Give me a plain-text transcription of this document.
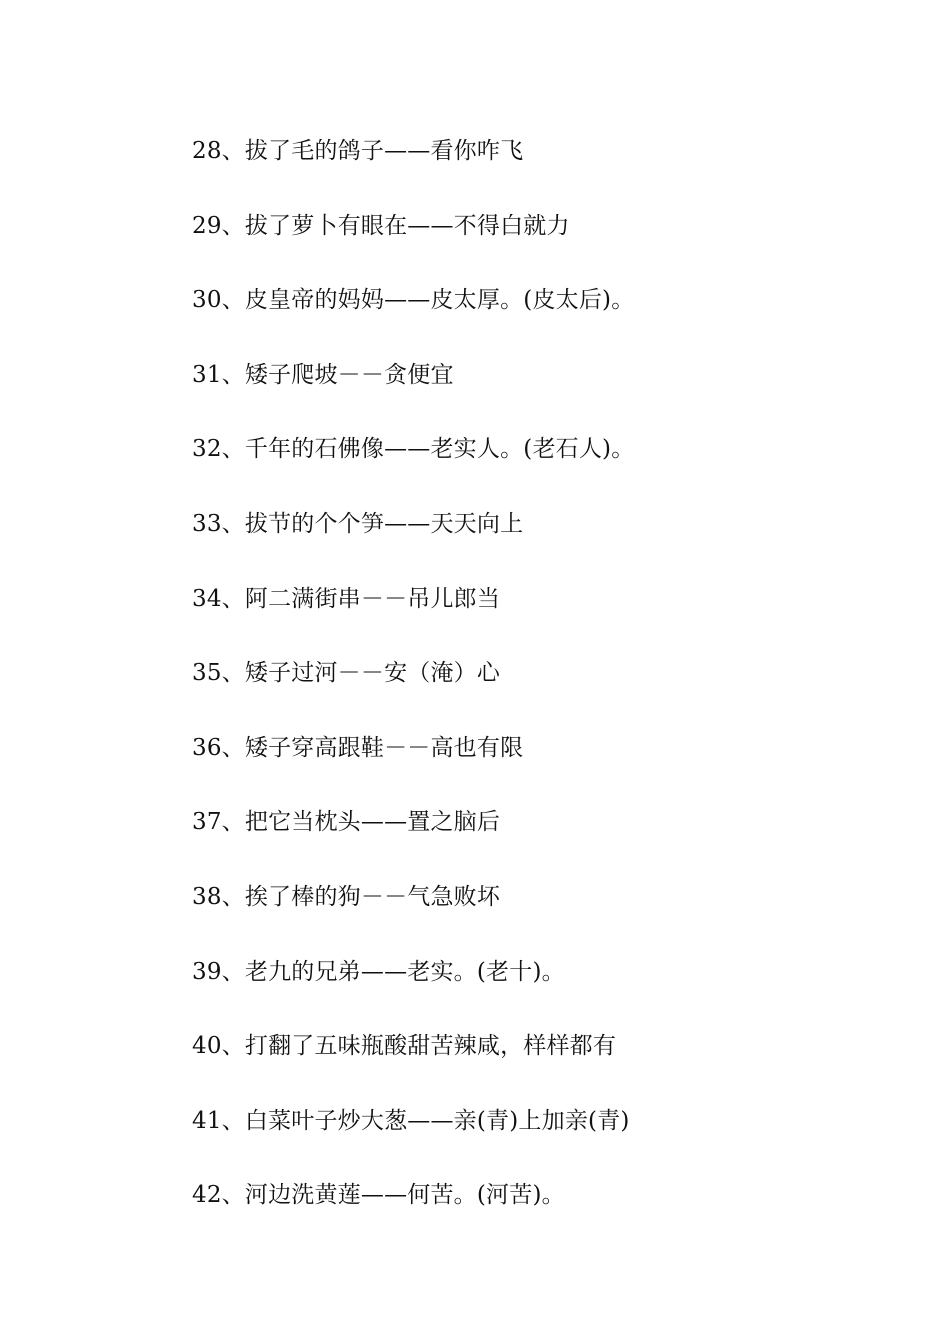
28、拔了毛的鸽子——看你咋飞
29、拔了萝卜有眼在——不得白就力
30、皮皇帝的妈妈——皮太厚。(皮太后)。
31、矮子爬坡－－贪便宜
32、千年的石佛像——老实人。(老石人)。
33、拔节的个个笋——天天向上
34、阿二满街串－－吊儿郎当
35、矮子过河－－安（淹）心
36、矮子穿高跟鞋－－高也有限
37、把它当枕头——置之脑后
38、挨了棒的狗－－气急败坏
39、老九的兄弟——老实。(老十)。
40、打翻了五味瓶酸甜苦辣咸，样样都有
41、白菜叶子炒大葱——亲(青)上加亲(青)
42、河边洗黄莲——何苦。(河苦)。
